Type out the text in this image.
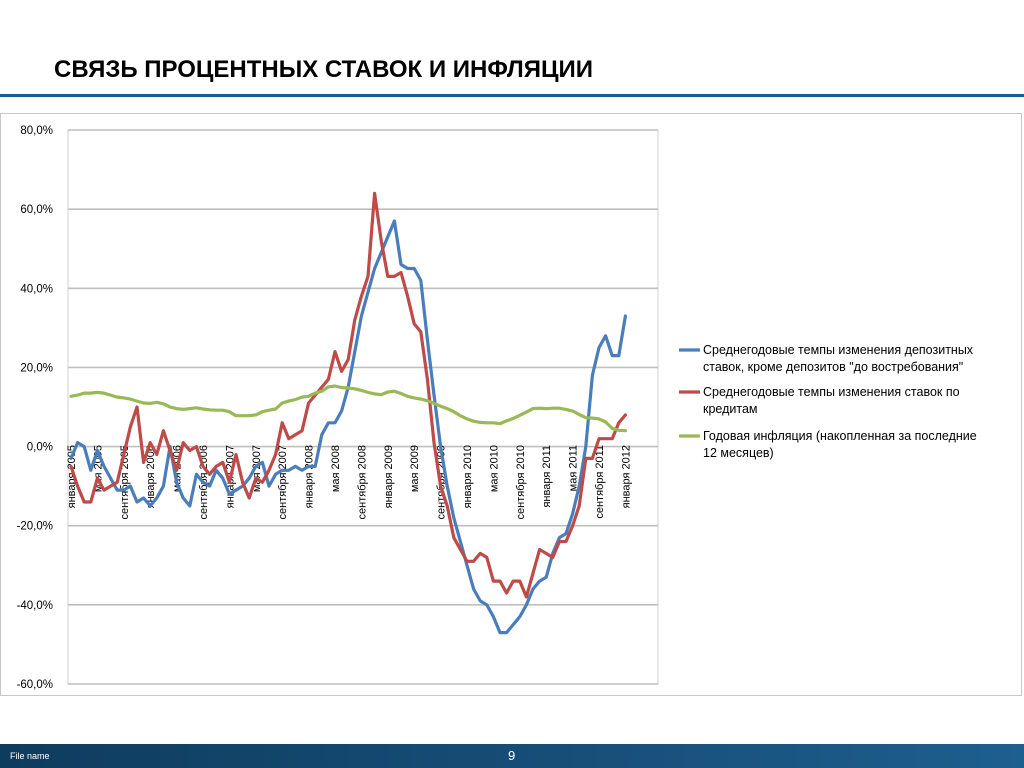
СВЯЗЬ ПРОЦЕНТНЫХ СТАВОК И ИНФЛЯЦИИ
-60,0%
-40,0%
-20,0%
0,0%
20,0%
40,0%
60,0%
80,0%
января 2005 мая 2005 сентября 2005 января 2006 мая 2006 сентября 2006 января 2007 мая 2007 сентября 2007 января 2008 мая 2008 сентября 2008 января 2009 мая 2009 сентября 2009 января 2010 мая 2010 сентября 2010 января 2011 мая 2011 сентября 2011 января 2012
Среднегодовые темпы изменения депозитных
ставок, кроме депозитов "до востребования"
Среднегодовые темпы изменения ставок по
кредитам
Годовая инфляция (накопленная за последние
12 месяцев)
File name	9
